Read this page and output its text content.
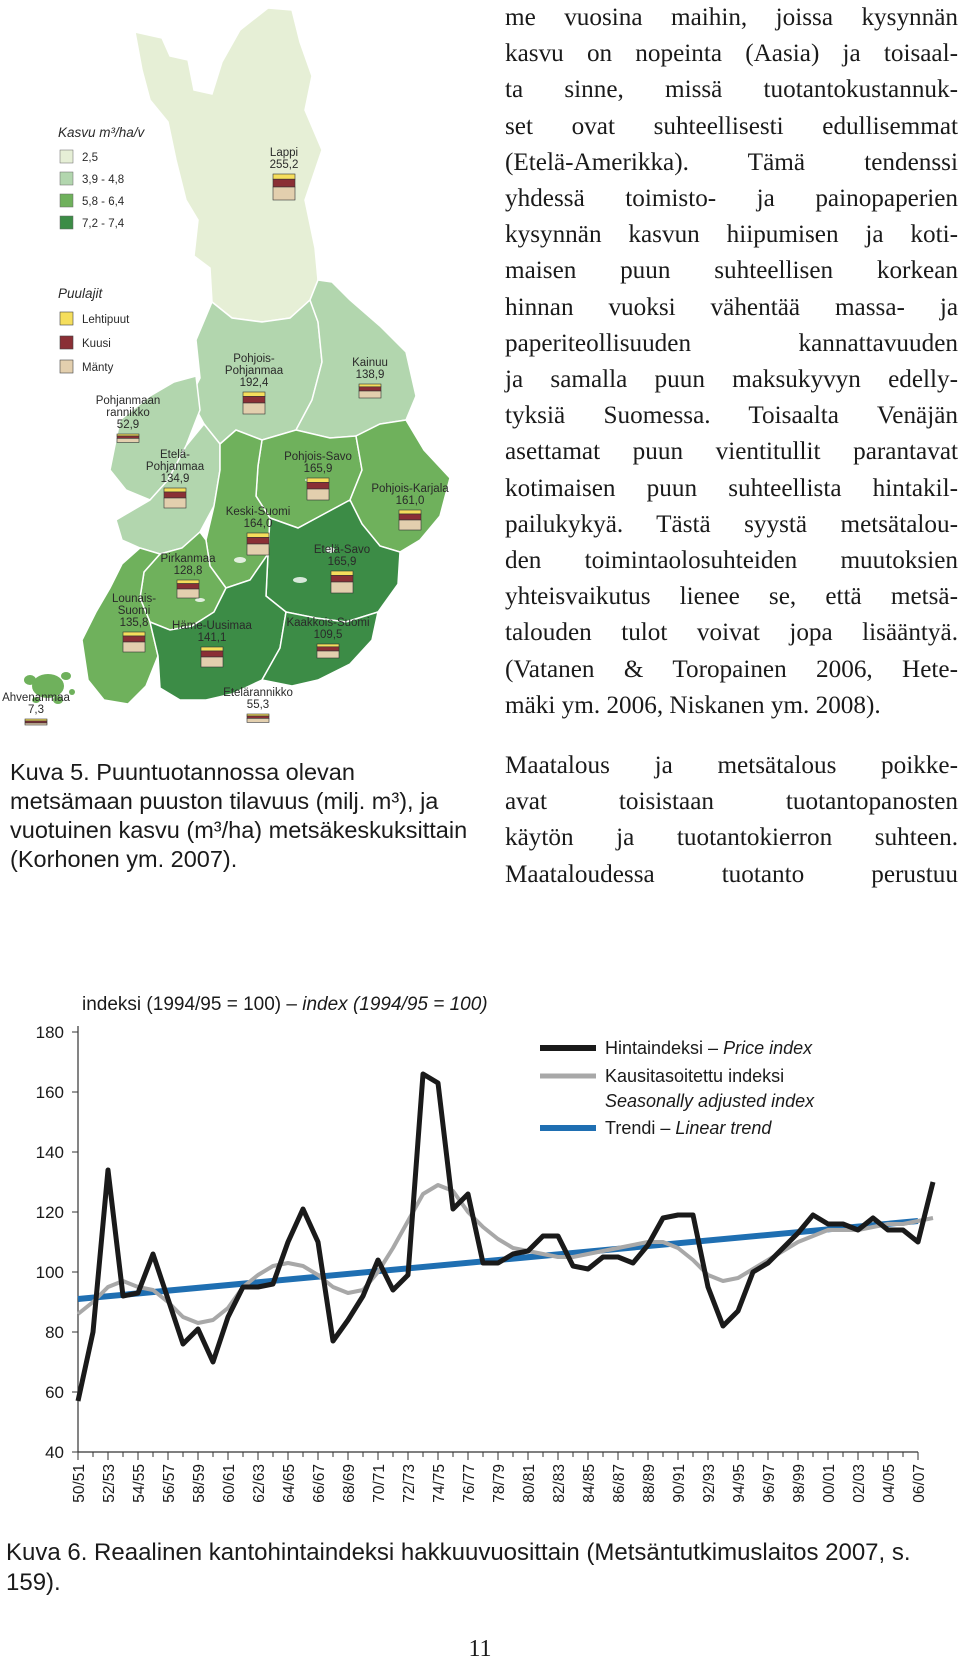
Kasvu m³/ha/v
2,5
3,9 - 4,8
5,8 - 6,4
7,2 - 7,4
Puulajit
Lehtipuut
Kuusi
Mänty
Lappi
255,2
Kainuu
138,9
Pohjois-
Pohjanmaa
192,4
Pohjanmaan
rannikko
52,9
Etelä-
Pohjanmaa
134,9
Pohjois-Savo
165,9
Pohjois-Karjala
161,0
Keski-Suomi
164,0
Etelä-Savo
165,9
Pirkanmaa
128,8
Lounais-
Suomi
135,8 Häme-Uusimaa
141,1
Kaakkois-Suomi
109,5
Ahvenanmaa
7,3
Etelärannikko
55,3
Kuva 5. Puuntuotannossa olevan metsämaan puuston tilavuus (milj. m³), ja vuotuinen kasvu (m³/ha) metsäkeskuksittain (Korhonen ym. 2007).
me vuosina maihin, joissa kysynnän
kasvu on nopeinta (Aasia) ja toisaal-
ta sinne, missä tuotantokustannuk-
set ovat suhteellisesti edullisemmat
(Etelä-Amerikka). Tämä tendenssi
yhdessä toimisto- ja painopaperien
kysynnän kasvun hiipumisen ja koti-
maisen puun suhteellisen korkean
hinnan vuoksi vähentää massa- ja
paperiteollisuuden kannattavuuden
ja samalla puun maksukyvyn edelly-
tyksiä Suomessa. Toisaalta Venäjän
asettamat puun vientitullit parantavat
kotimaisen puun suhteellista hintakil-
pailukykyä. Tästä syystä metsätalou-
den toimintaolosuhteiden muutoksien
yhteisvaikutus lienee se, että metsä-
talouden tulot voivat jopa lisääntyä.
(Vatanen & Toropainen 2006, Hete-
mäki ym. 2006, Niskanen ym. 2008).
Maatalous ja metsätalous poikke-
avat toisistaan tuotantopanosten
käytön ja tuotantokierron suhteen.
Maataloudessa tuotanto perustuu
40
60
80
100
120
140
160
180
50/51 52/53 54/55 56/57 58/59 60/61 62/63 64/65 66/67 68/69 70/71 72/73 74/75 76/77 78/79 80/81 82/83 84/85 86/87 88/89 90/91 92/93 94/95 96/97 98/99 00/01 02/03 04/05 06/07
Hintaindeksi – Price index
Kausitasoitettu indeksi
Seasonally adjusted index
Trendi – Linear trend
indeksi (1994/95 = 100) – index (1994/95 = 100)
Kuva 6. Reaalinen kantohintaindeksi hakkuuvuosittain (Metsäntutkimuslaitos 2007, s. 159).
11
